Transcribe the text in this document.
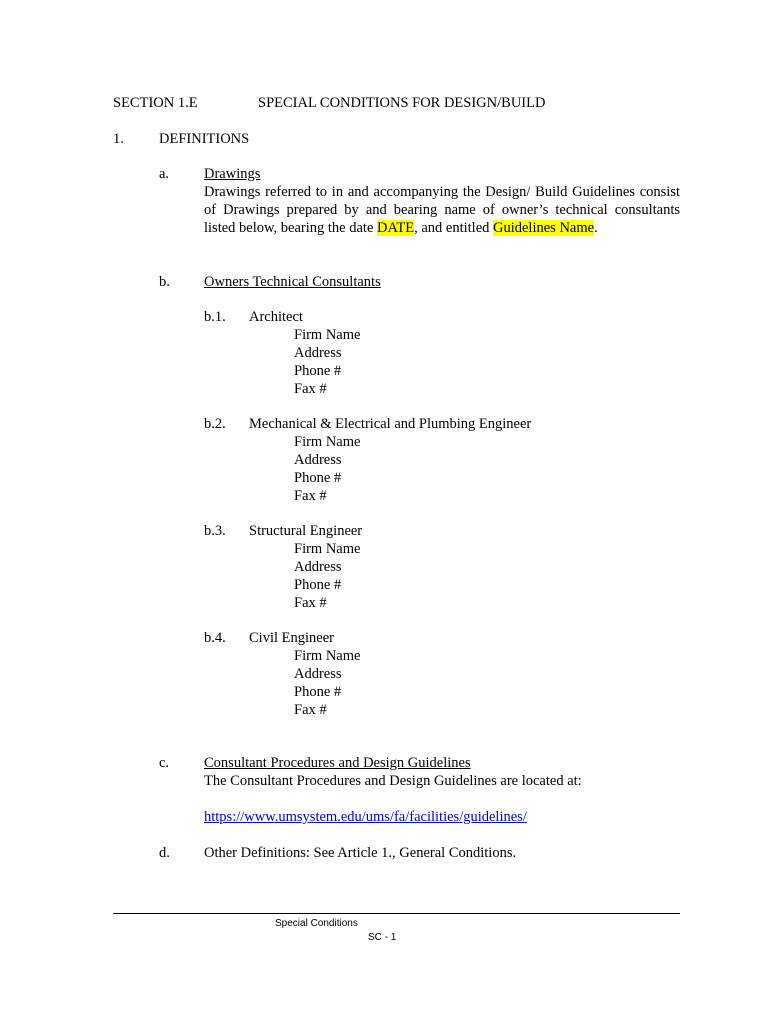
SECTION 1.E	SPECIAL CONDITIONS FOR DESIGN/BUILD
1. DEFINITIONS
a. Drawings
Drawings referred to in and accompanying the Design/ Build Guidelines consist of Drawings prepared by and bearing name of owner’s technical consultants listed below, bearing the date DATE, and entitled Guidelines Name.
b. Owners Technical Consultants
b.1. Architect
Firm Name
Address
Phone #
Fax #
b.2. Mechanical & Electrical and Plumbing Engineer
Firm Name
Address
Phone #
Fax #
b.3. Structural Engineer
Firm Name
Address
Phone #
Fax #
b.4. Civil Engineer
Firm Name
Address
Phone #
Fax #
c. Consultant Procedures and Design Guidelines
The Consultant Procedures and Design Guidelines are located at:
https://www.umsystem.edu/ums/fa/facilities/guidelines/
d. Other Definitions: See Article 1., General Conditions.
Special Conditions
SC - 1
